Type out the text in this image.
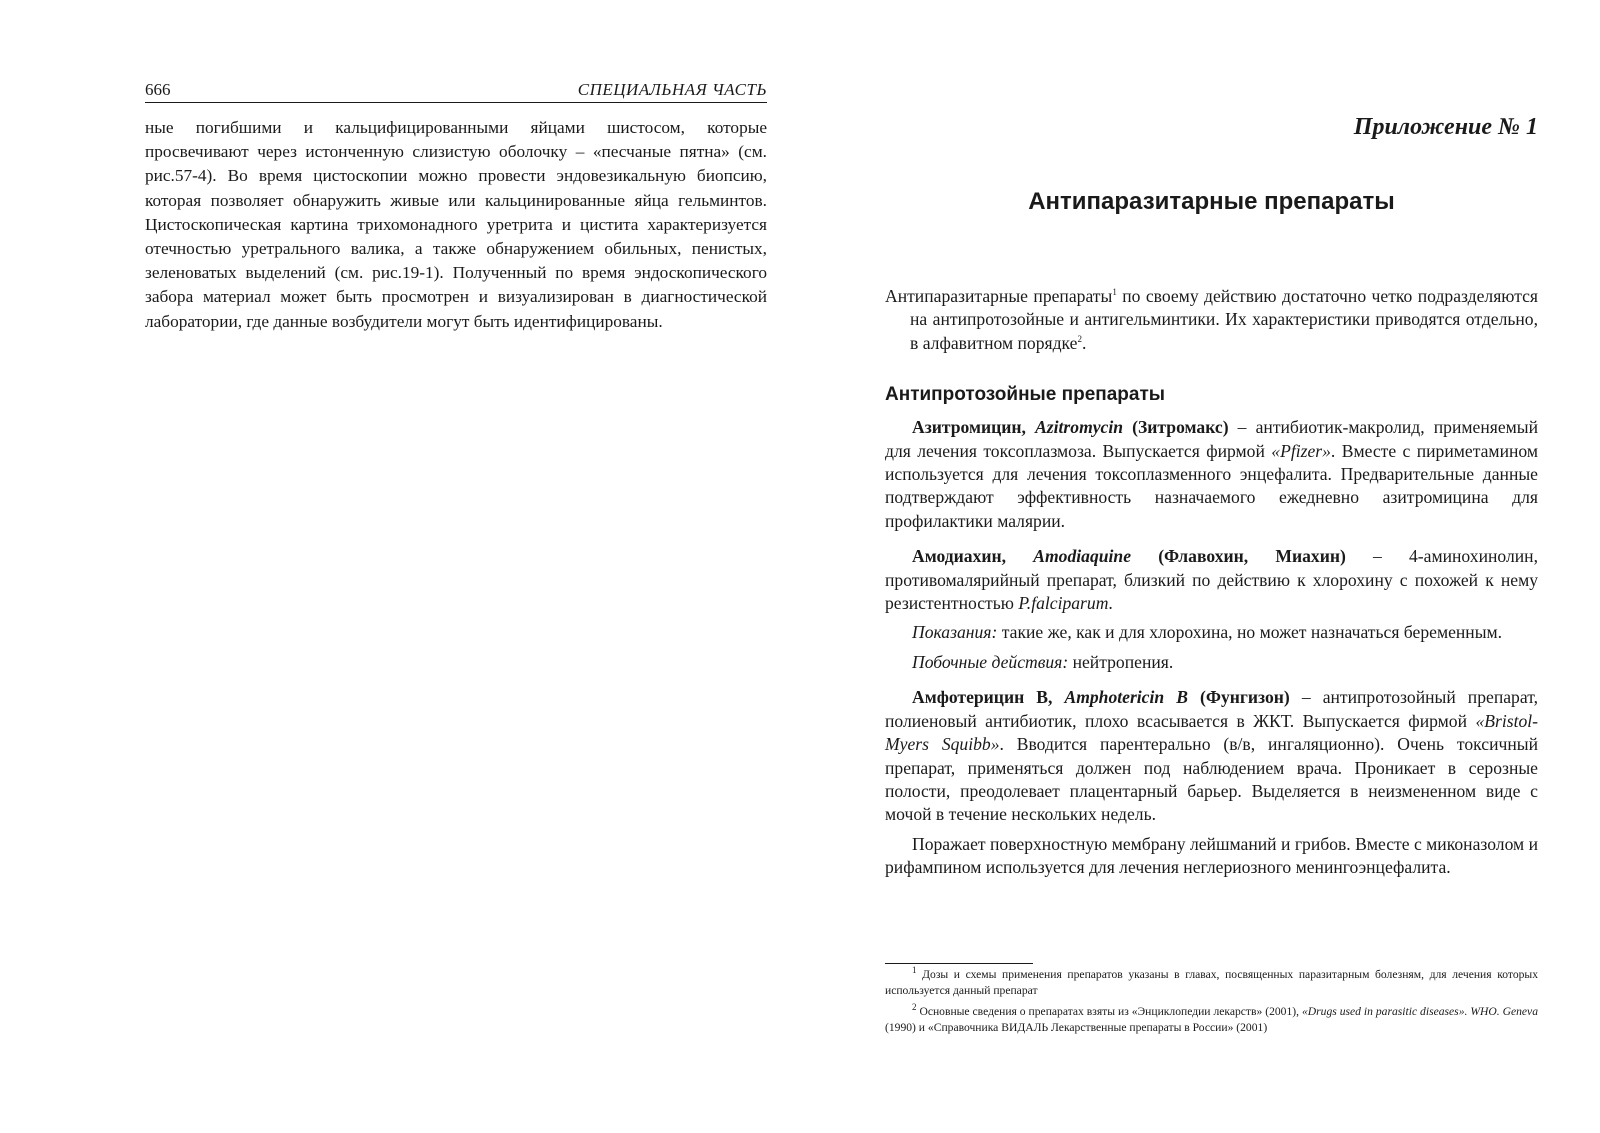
666	СПЕЦИАЛЬНАЯ ЧАСТЬ

ные погибшими и кальцифицированными яйцами шистосом, которые просвечивают через истонченную слизистую оболочку – «песчаные пятна» (см. рис.57-4). Во время цистоскопии можно провести эндовезикальную биопсию, которая позволяет обнаружить живые или кальцинированные яйца гельминтов. Цистоскопическая картина трихомонадного уретрита и цистита характеризуется отечностью уретрального валика, а также обнаружением обильных, пенистых, зеленоватых выделений (см. рис.19-1). Полученный по время эндоскопического забора материал может быть просмотрен и визуализирован в диагностической лаборатории, где данные возбудители могут быть идентифицированы.

Приложение № 1
Антипаразитарные препараты

Антипаразитарные препараты$^1$ по своему действию достаточно четко подразделяются на антипротозойные и антигельминтики. Их характеристики приводятся отдельно, в алфавитном порядке$^2$.

Антипротозойные препараты

Азитромицин, Azitromycin (Зитромакс) – антибиотик-макролид, применяемый для лечения токсоплазмоза. Выпускается фирмой «Pfizer». Вместе с пириметамином используется для лечения токсоплазменного энцефалита. Предварительные данные подтверждают эффективность назначаемого ежедневно азитромицина для профилактики малярии.

Амодиахин, Amodiaquine (Флавохин, Миахин) – 4-аминохинолин, противомалярийный препарат, близкий по действию к хлорохину с похожей к нему резистентностью P.falciparum.

Показания: такие же, как и для хлорохина, но может назначаться беременным.

Побочные действия: нейтропения.

Амфотерицин B, Amphotericin B (Фунгизон) – антипротозойный препарат, полиеновый антибиотик, плохо всасывается в ЖКТ. Выпускается фирмой «Bristol-Myers Squibb». Вводится парентерально (в/в, ингаляционно). Очень токсичный препарат, применяться должен под наблюдением врача. Проникает в серозные полости, преодолевает плацентарный барьер. Выделяется в неизмененном виде с мочой в течение нескольких недель.

Поражает поверхностную мембрану лейшманий и грибов. Вместе с миконазолом и рифампином используется для лечения неглериозного менингоэнцефалита.

$^1$ Дозы и схемы применения препаратов указаны в главах, посвященных паразитарным болезням, для лечения которых используется данный препарат

$^2$ Основные сведения о препаратах взяты из «Энциклопедии лекарств» (2001), «Drugs used in parasitic diseases». WHO. Geneva (1990) и «Справочника ВИДАЛЬ Лекарственные препараты в России» (2001)
